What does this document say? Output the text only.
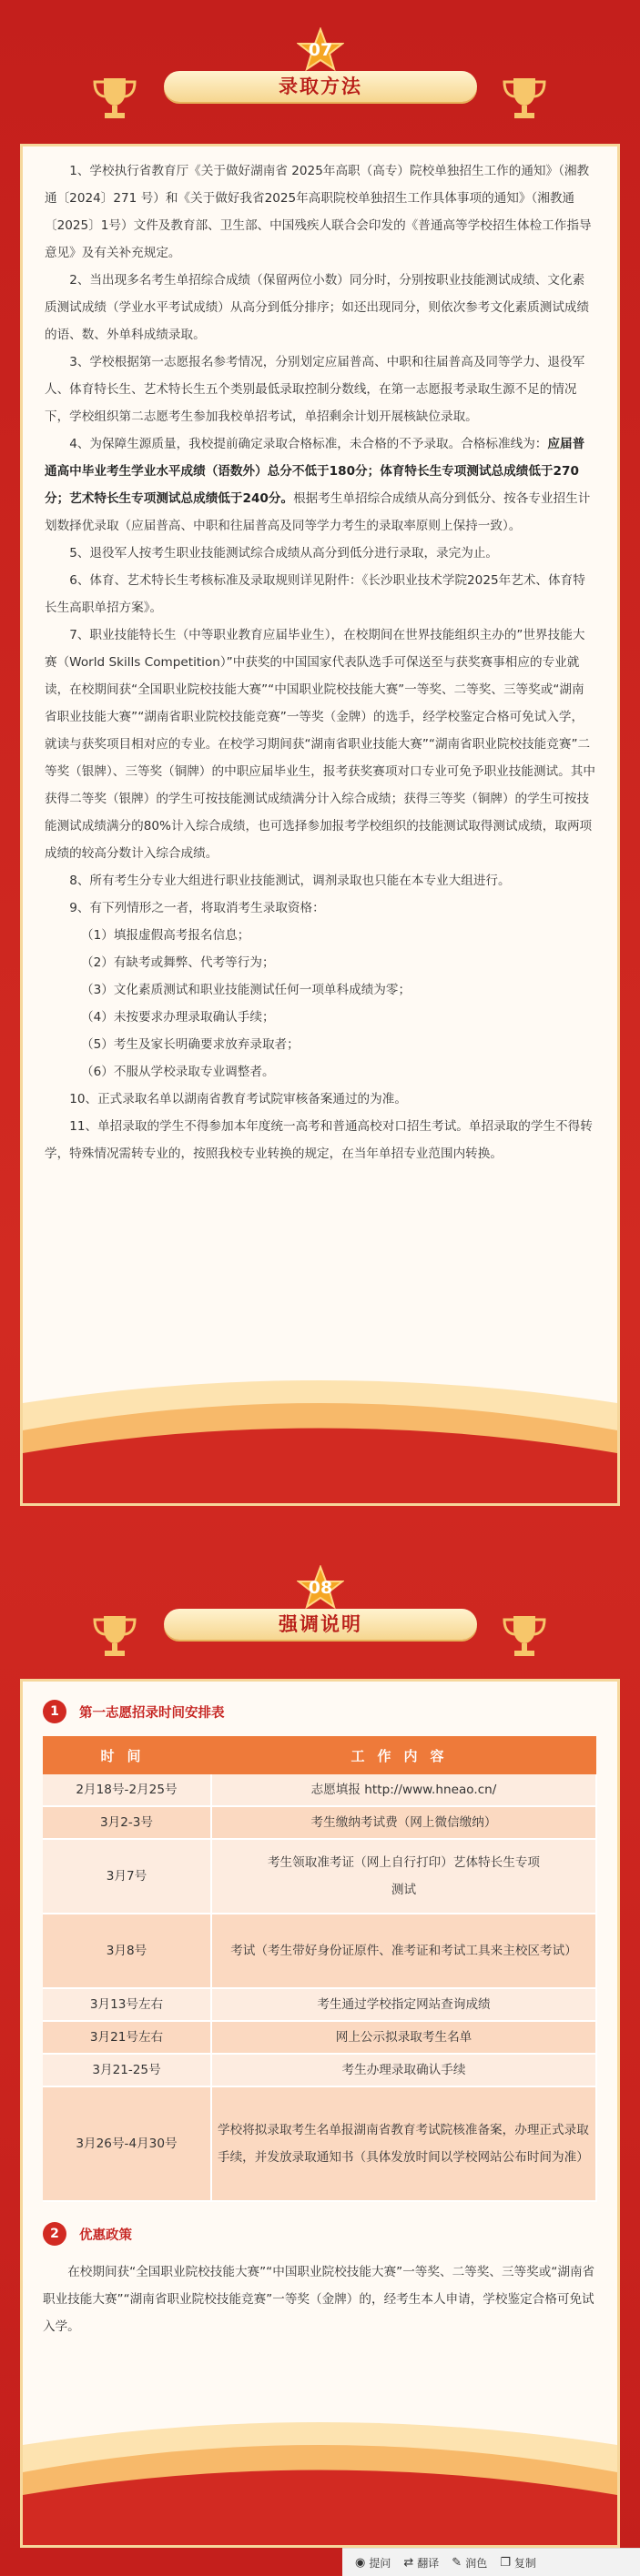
07
录取方法

1、学校执行省教育厅《关于做好湖南省 2025年高职（高专）院校单独招生工作的通知》（湘教通〔2024〕271 号）和《关于做好我省2025年高职院校单独招生工作具体事项的通知》（湘教通〔2025〕1号）文件及教育部、卫生部、中国残疾人联合会印发的《普通高等学校招生体检工作指导意见》及有关补充规定。

2、当出现多名考生单招综合成绩（保留两位小数）同分时，分别按职业技能测试成绩、文化素质测试成绩（学业水平考试成绩）从高分到低分排序；如还出现同分，则依次参考文化素质测试成绩的语、数、外单科成绩录取。

3、学校根据第一志愿报名参考情况，分别划定应届普高、中职和往届普高及同等学力、退役军人、体育特长生、艺术特长生五个类别最低录取控制分数线，在第一志愿报考录取生源不足的情况下，学校组织第二志愿考生参加我校单招考试，单招剩余计划开展核缺位录取。

4、为保障生源质量，我校提前确定录取合格标准，未合格的不予录取。合格标准线为：应届普通高中毕业考生学业水平成绩（语数外）总分不低于180分；体育特长生专项测试总成绩低于270分；艺术特长生专项测试总成绩低于240分。根据考生单招综合成绩从高分到低分、按各专业招生计划数择优录取（应届普高、中职和往届普高及同等学力考生的录取率原则上保持一致）。

5、退役军人按考生职业技能测试综合成绩从高分到低分进行录取，录完为止。

6、体育、艺术特长生考核标准及录取规则详见附件：《长沙职业技术学院2025年艺术、体育特长生高职单招方案》。

7、职业技能特长生（中等职业教育应届毕业生），在校期间在世界技能组织主办的”世界技能大赛（World Skills Competition）”中获奖的中国国家代表队选手可保送至与获奖赛事相应的专业就读，在校期间获“全国职业院校技能大赛”“中国职业院校技能大赛”一等奖、二等奖、三等奖或“湖南省职业技能大赛”“湖南省职业院校技能竞赛”一等奖（金牌）的选手，经学校鉴定合格可免试入学，就读与获奖项目相对应的专业。在校学习期间获“湖南省职业技能大赛”“湖南省职业院校技能竞赛”二等奖（银牌）、三等奖（铜牌）的中职应届毕业生，报考获奖赛项对口专业可免予职业技能测试。其中获得二等奖（银牌）的学生可按技能测试成绩满分计入综合成绩；获得三等奖（铜牌）的学生可按技能测试成绩满分的80%计入综合成绩，也可选择参加报考学校组织的技能测试取得测试成绩，取两项成绩的较高分数计入综合成绩。

8、所有考生分专业大组进行职业技能测试，调剂录取也只能在本专业大组进行。

9、有下列情形之一者，将取消考生录取资格：

（1）填报虚假高考报名信息；

（2）有缺考或舞弊、代考等行为；

（3）文化素质测试和职业技能测试任何一项单科成绩为零；

（4）未按要求办理录取确认手续；

（5）考生及家长明确要求放弃录取者；

（6）不服从学校录取专业调整者。

10、正式录取名单以湖南省教育考试院审核备案通过的为准。

11、单招录取的学生不得参加本年度统一高考和普通高校对口招生考试。单招录取的学生不得转学，特殊情况需转专业的，按照我校专业转换的规定，在当年单招专业范围内转换。

08
强调说明
1	第一志愿招录时间安排表
时间	工作内容
2月18号-2月25号	志愿填报 http://www.hneao.cn/
3月2-3号	考生缴纳考试费（网上微信缴纳）
3月7号	考生领取准考证（网上自行打印）艺体特长生专项测试
3月8号	考试（考生带好身份证原件、准考证和考试工具来主校区考试）
3月13号左右	考生通过学校指定网站查询成绩
3月21号左右	网上公示拟录取考生名单
3月21-25号	考生办理录取确认手续
3月26号-4月30号	学校将拟录取考生名单报湖南省教育考试院核准备案，办理正式录取手续，并发放录取通知书（具体发放时间以学校网站公布时间为准）
2	优惠政策

在校期间获“全国职业院校技能大赛”“中国职业院校技能大赛”一等奖、二等奖、三等奖或“湖南省职业技能大赛”“湖南省职业院校技能竞赛”一等奖（金牌）的，经考生本人申请，学校鉴定合格可免试入学。

◉ 提问 ⇄ 翻译 ✎ 润色 ❐ 复制
